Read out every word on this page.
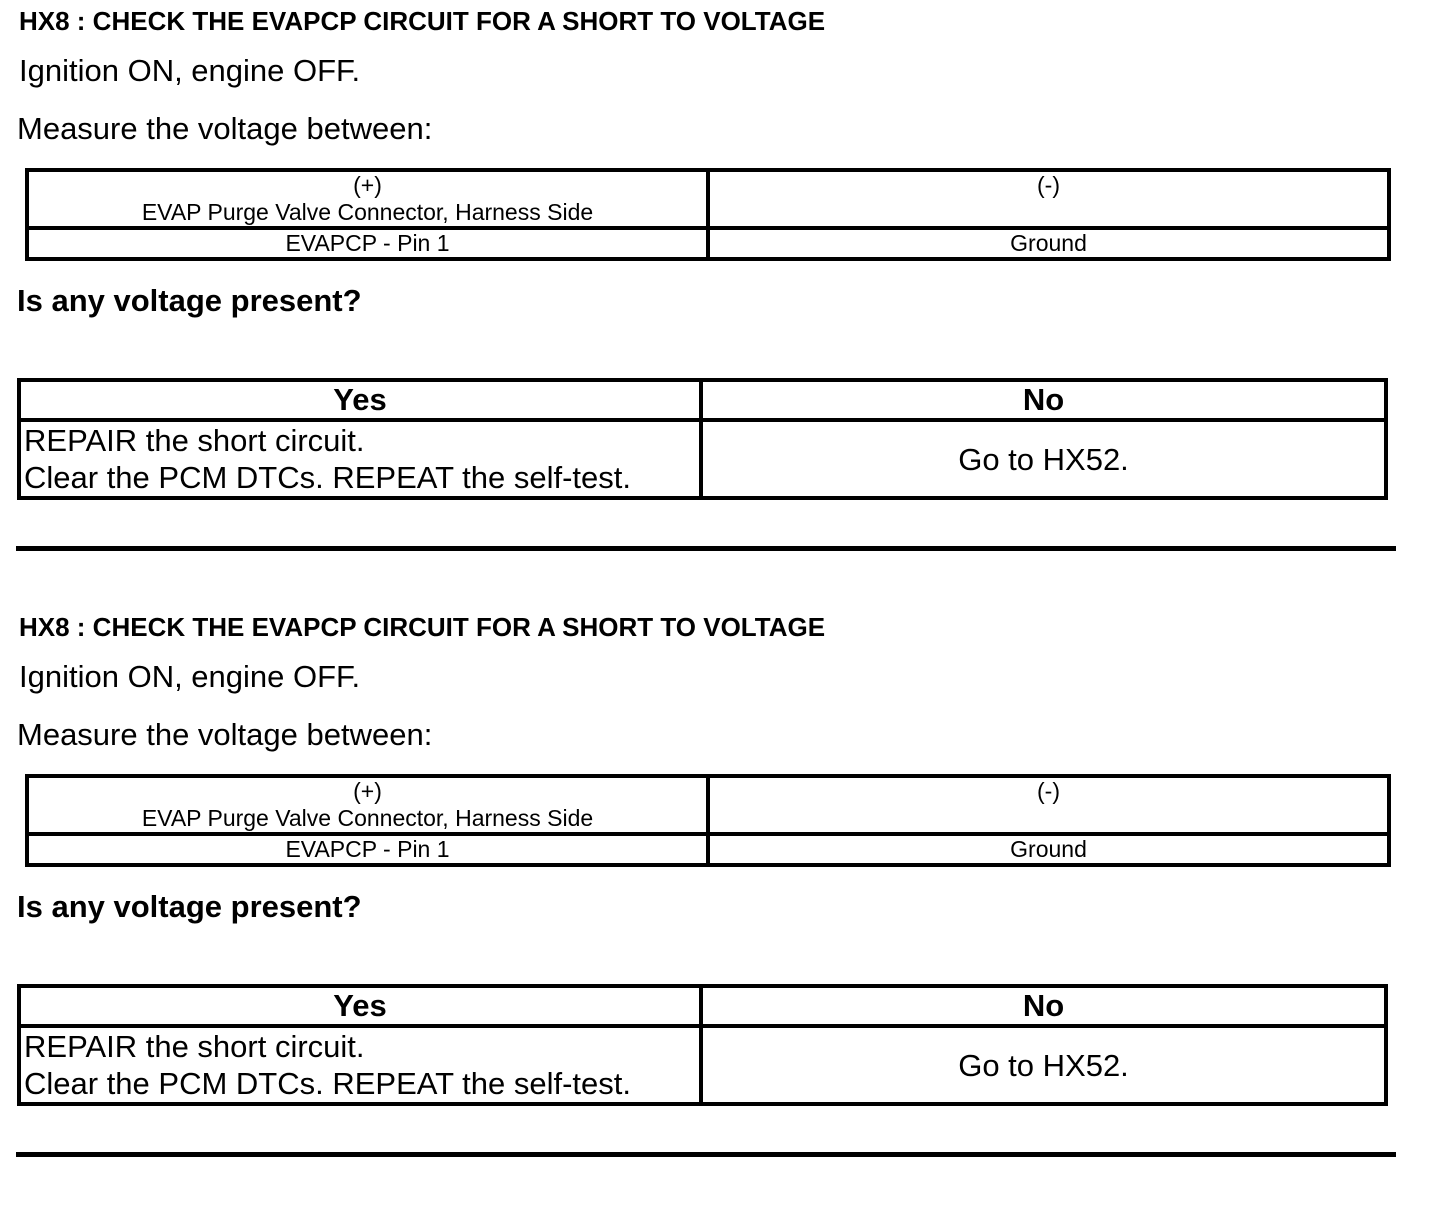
HX8 : CHECK THE EVAPCP CIRCUIT FOR A SHORT TO VOLTAGE
Ignition ON, engine OFF.
Measure the voltage between:
(+)
EVAP Purge Valve Connector, Harness Side	(-)

EVAPCP - Pin 1	Ground
Is any voltage present?
Yes	No

REPAIR the short circuit.
Clear the PCM DTCs. REPEAT the self-test.	Go to HX52.
HX8 : CHECK THE EVAPCP CIRCUIT FOR A SHORT TO VOLTAGE
Ignition ON, engine OFF.
Measure the voltage between:
(+)
EVAP Purge Valve Connector, Harness Side	(-)

EVAPCP - Pin 1	Ground
Is any voltage present?
Yes	No

REPAIR the short circuit.
Clear the PCM DTCs. REPEAT the self-test.	Go to HX52.
